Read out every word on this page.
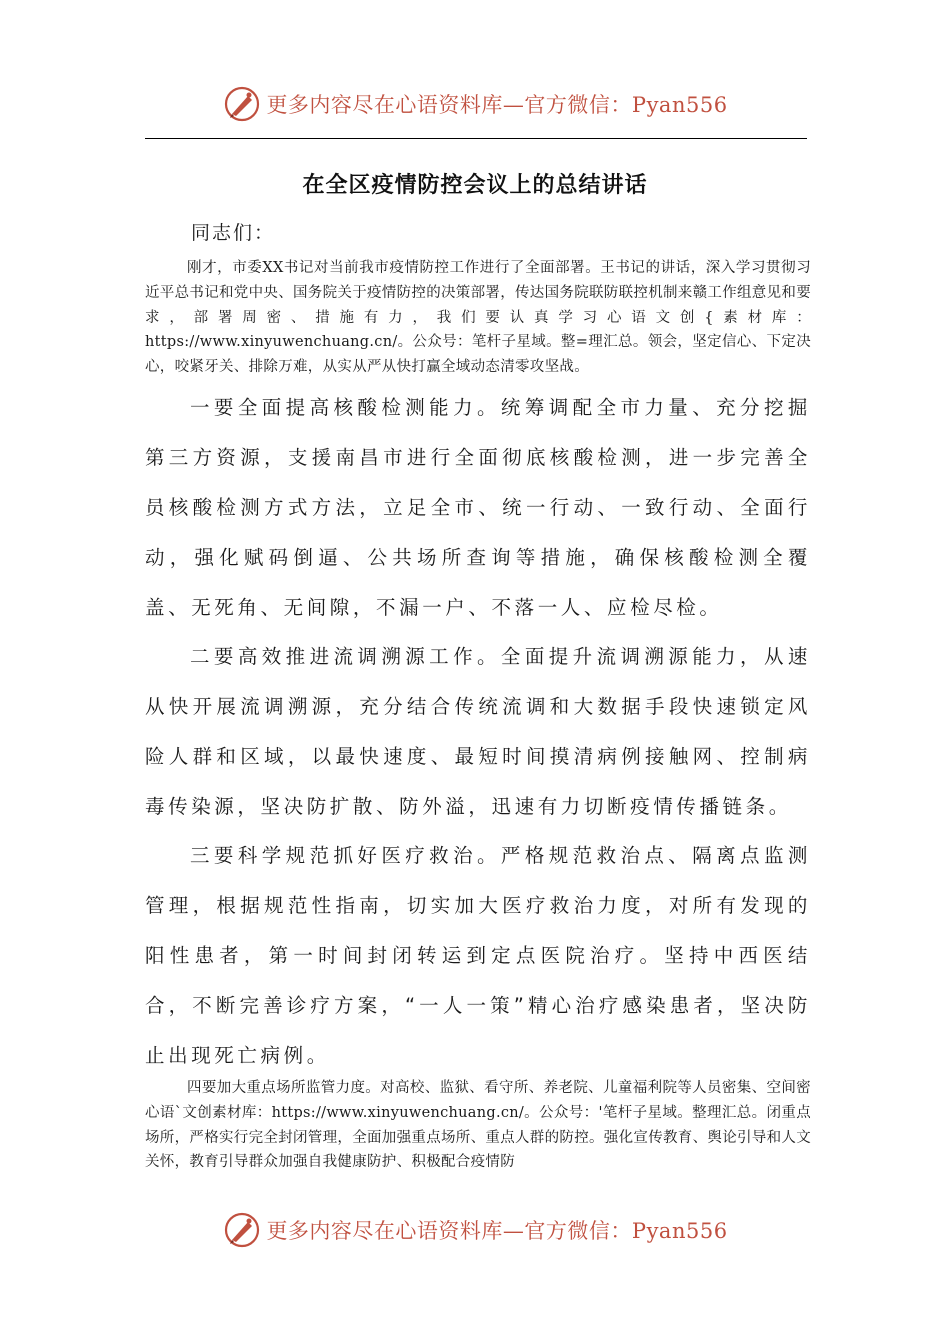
更多内容尽在心语资料库—官方微信：Pyan556
在全区疫情防控会议上的总结讲话
同志们：

刚才，市委XX书记对当前我市疫情防控工作进行了全面部署。王书记的讲话，深入学习贯彻习近平总书记和党中央、国务院关于疫情防控的决策部署，传达国务院联防联控机制来赣工作组意见和要求，部署周密、措施有力，我们要认真学习心语文创{素材库：https://www.xinyuwenchuang.cn/。公众号：笔杆子星域。整=理汇总。领会，坚定信心、下定决心，咬紧牙关、排除万难，从实从严从快打赢全域动态清零攻坚战。

一要全面提高核酸检测能力。统筹调配全市力量、充分挖掘第三方资源，支援南昌市进行全面彻底核酸检测，进一步完善全员核酸检测方式方法，立足全市、统一行动、一致行动、全面行动，强化赋码倒逼、公共场所查询等措施，确保核酸检测全覆盖、无死角、无间隙，不漏一户、不落一人、应检尽检。

二要高效推进流调溯源工作。全面提升流调溯源能力，从速从快开展流调溯源，充分结合传统流调和大数据手段快速锁定风险人群和区域，以最快速度、最短时间摸清病例接触网、控制病毒传染源，坚决防扩散、防外溢，迅速有力切断疫情传播链条。

三要科学规范抓好医疗救治。严格规范救治点、隔离点监测管理，根据规范性指南，切实加大医疗救治力度，对所有发现的阳性患者，第一时间封闭转运到定点医院治疗。坚持中西医结合，不断完善诊疗方案，“一人一策”精心治疗感染患者，坚决防止出现死亡病例。

四要加大重点场所监管力度。对高校、监狱、看守所、养老院、儿童福利院等人员密集、空间密心语`文创素材库：https://www.xinyuwenchuang.cn/。公众号：'笔杆子星域。整理汇总。闭重点场所，严格实行完全封闭管理，全面加强重点场所、重点人群的防控。强化宣传教育、舆论引导和人文关怀，教育引导群众加强自我健康防护、积极配合疫情防

更多内容尽在心语资料库—官方微信：Pyan556
